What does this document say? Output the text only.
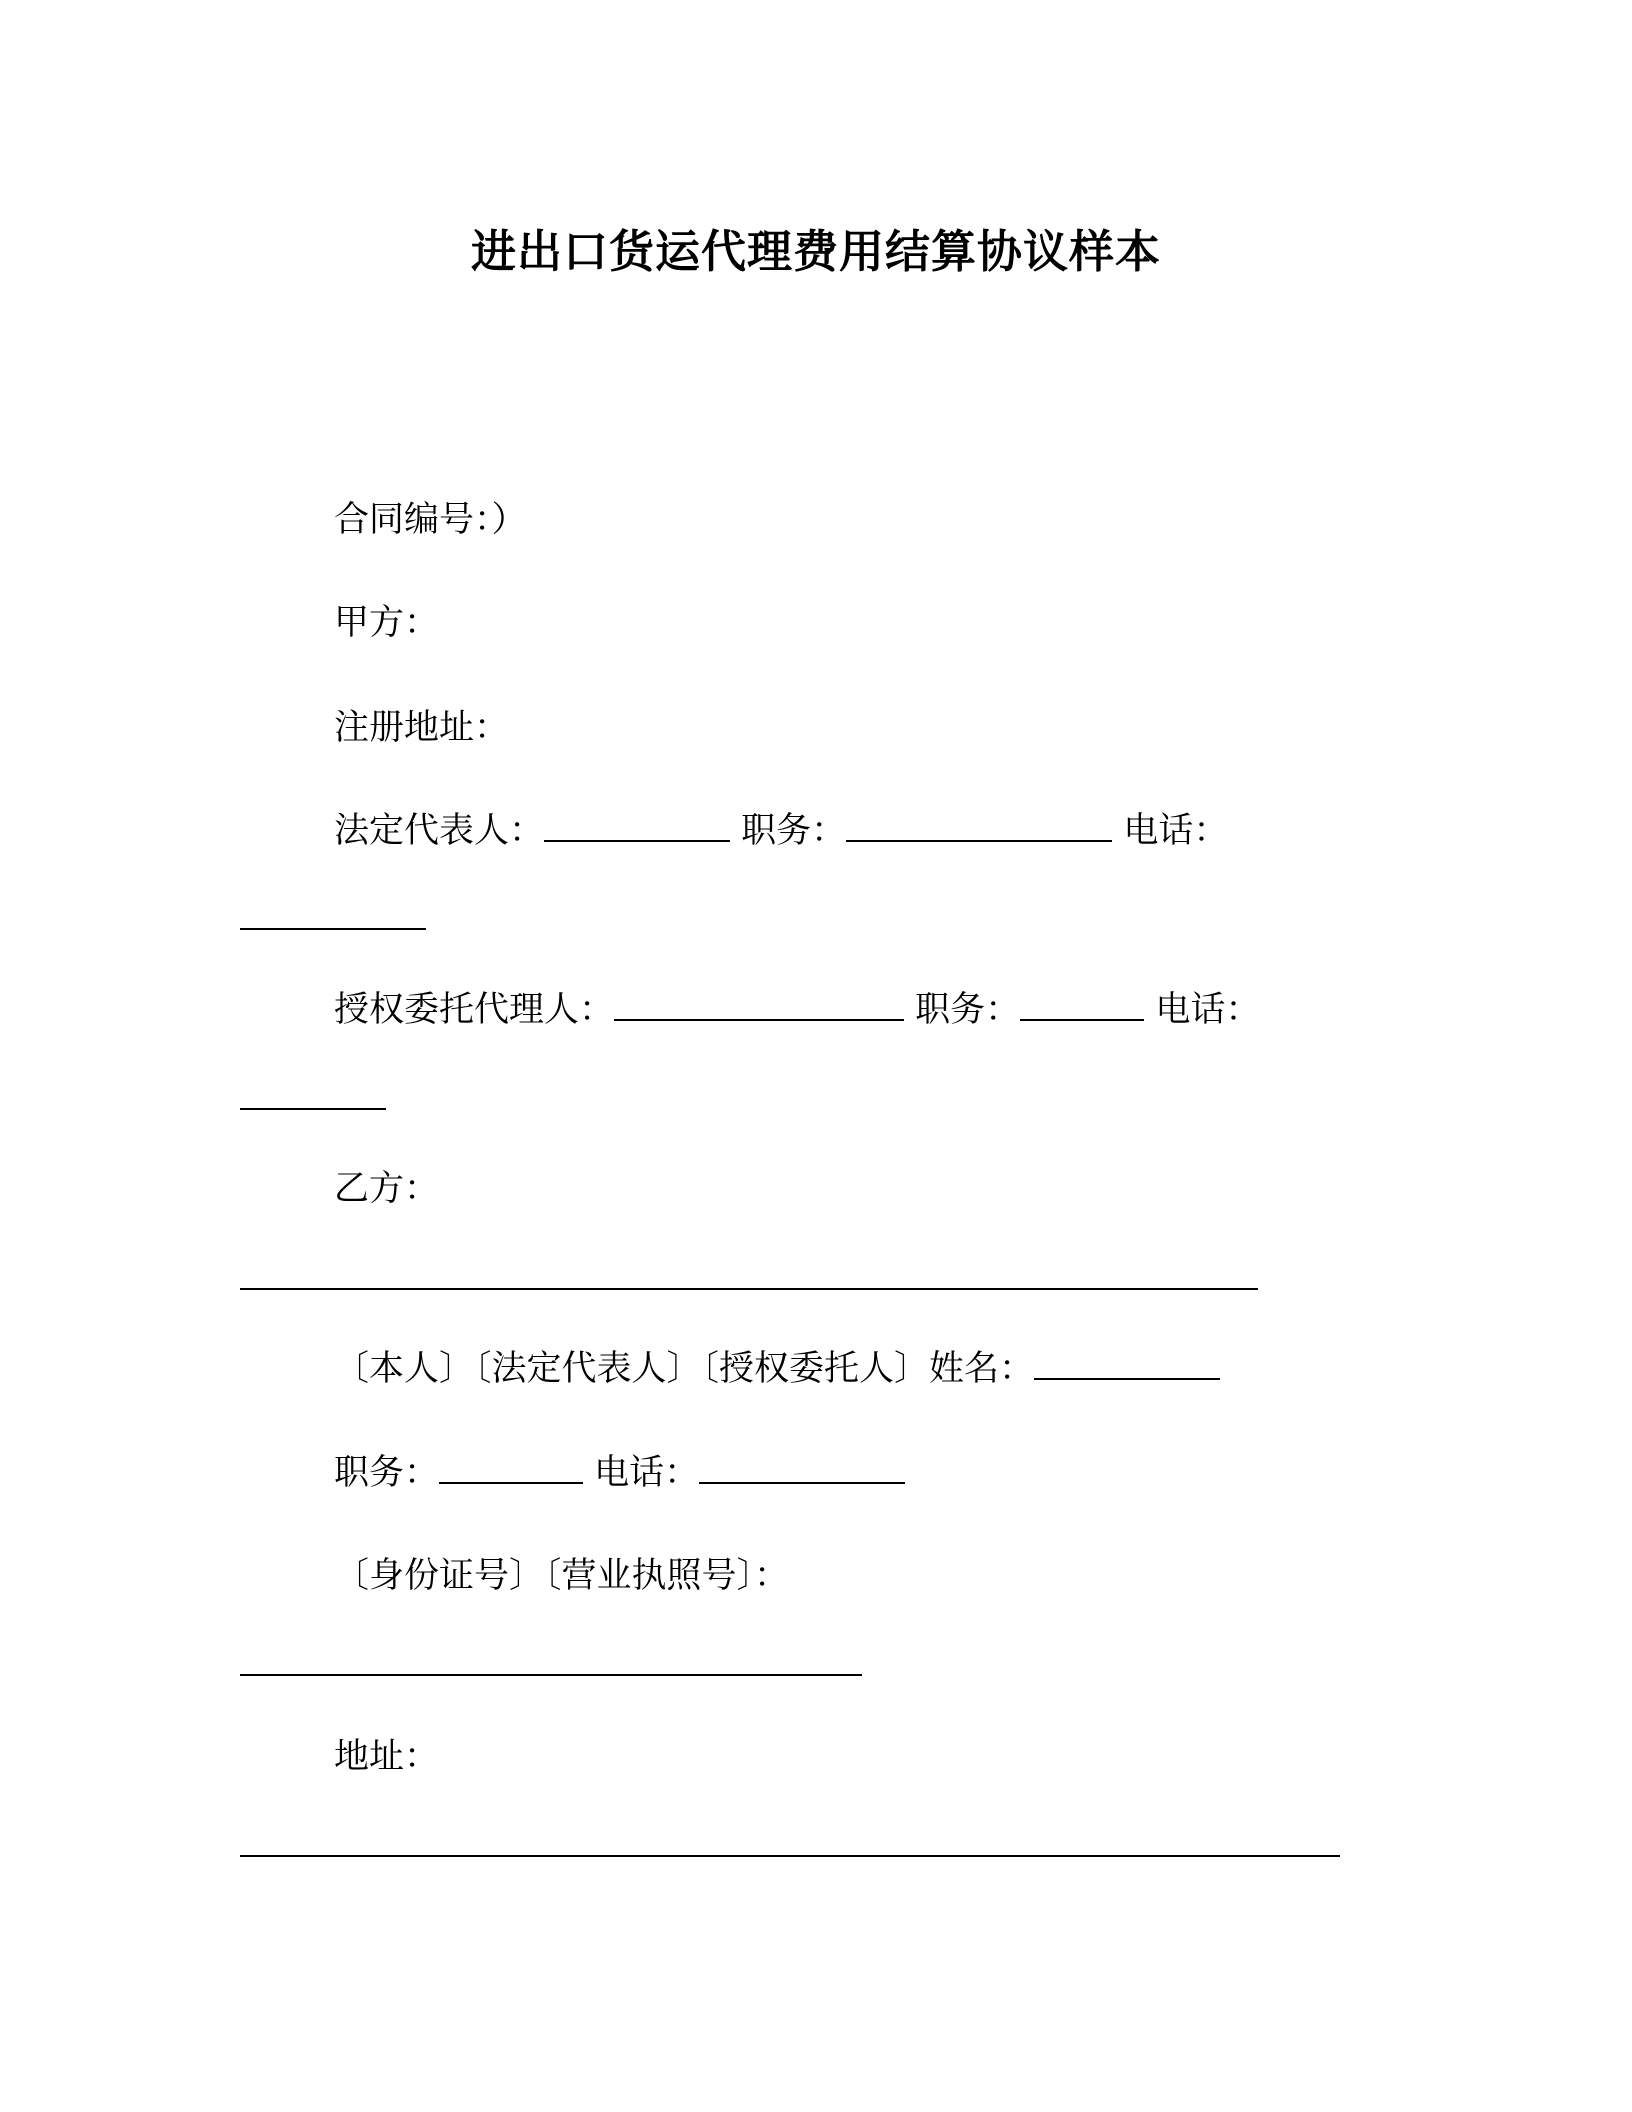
进出口货运代理费用结算协议样本
合同编号：）
甲方：
注册地址：
法定代表人：	职务：	电话：
授权委托代理人：	职务：	电话：
乙方：
〔本人〕〔法定代表人〕〔授权委托人〕姓名：
职务：	电话：
〔身份证号〕〔营业执照号〕：
地址：
